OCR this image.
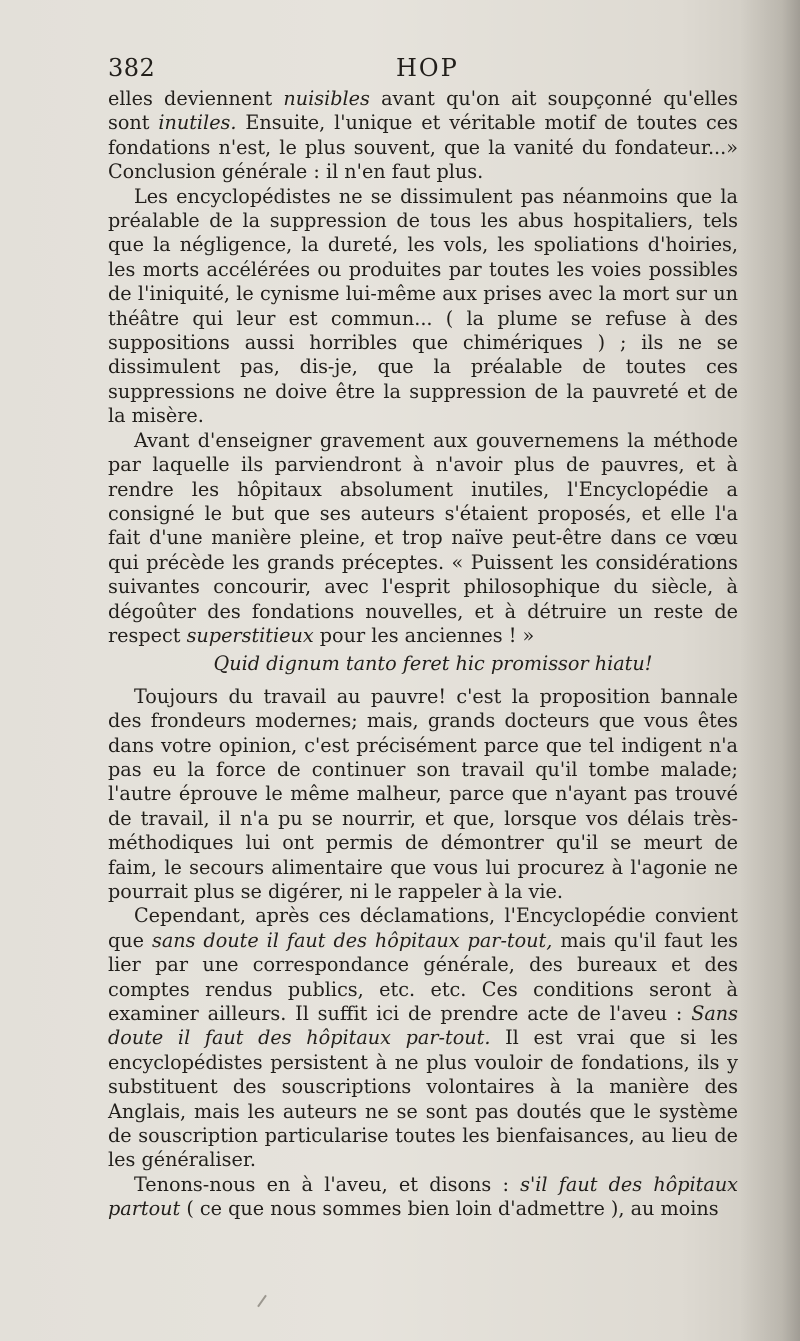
382	HOP

elles deviennent nuisibles avant qu'on ait soupçonné qu'elles sont inutiles. Ensuite, l'unique et véritable motif de toutes ces fondations n'est, le plus souvent, que la vanité du fondateur...» Conclusion générale : il n'en faut plus.

Les encyclopédistes ne se dissimulent pas néanmoins que la préalable de la suppression de tous les abus hospitaliers, tels que la négligence, la dureté, les vols, les spoliations d'hoiries, les morts accélérées ou produites par toutes les voies possibles de l'iniquité, le cynisme lui-même aux prises avec la mort sur un théâtre qui leur est commun... ( la plume se refuse à des suppositions aussi horribles que chimériques ) ; ils ne se dissimulent pas, dis-je, que la préalable de toutes ces suppressions ne doive être la suppression de la pauvreté et de la misère.

Avant d'enseigner gravement aux gouvernemens la méthode par laquelle ils parviendront à n'avoir plus de pauvres, et à rendre les hôpitaux absolument inutiles, l'Encyclopédie a consigné le but que ses auteurs s'étaient proposés, et elle l'a fait d'une manière pleine, et trop naïve peut-être dans ce vœu qui précède les grands préceptes. « Puissent les considérations suivantes concourir, avec l'esprit philosophique du siècle, à dégoûter des fondations nouvelles, et à détruire un reste de respect superstitieux pour les anciennes ! »

Quid dignum tanto feret hic promissor hiatu!

Toujours du travail au pauvre! c'est la proposition bannale des frondeurs modernes; mais, grands docteurs que vous êtes dans votre opinion, c'est précisément parce que tel indigent n'a pas eu la force de continuer son travail qu'il tombe malade; l'autre éprouve le même malheur, parce que n'ayant pas trouvé de travail, il n'a pu se nourrir, et que, lorsque vos délais très-méthodiques lui ont permis de démontrer qu'il se meurt de faim, le secours alimentaire que vous lui procurez à l'agonie ne pourrait plus se digérer, ni le rappeler à la vie.

Cependant, après ces déclamations, l'Encyclopédie convient que sans doute il faut des hôpitaux par-tout, mais qu'il faut les lier par une correspondance générale, des bureaux et des comptes rendus publics, etc. etc. Ces conditions seront à examiner ailleurs. Il suffit ici de prendre acte de l'aveu : Sans doute il faut des hôpitaux par-tout. Il est vrai que si les encyclopédistes persistent à ne plus vouloir de fondations, ils y substituent des souscriptions volontaires à la manière des Anglais, mais les auteurs ne se sont pas doutés que le système de souscription particularise toutes les bienfaisances, au lieu de les généraliser.

Tenons-nous en à l'aveu, et disons : s'il faut des hôpitaux partout ( ce que nous sommes bien loin d'admettre ), au moins
